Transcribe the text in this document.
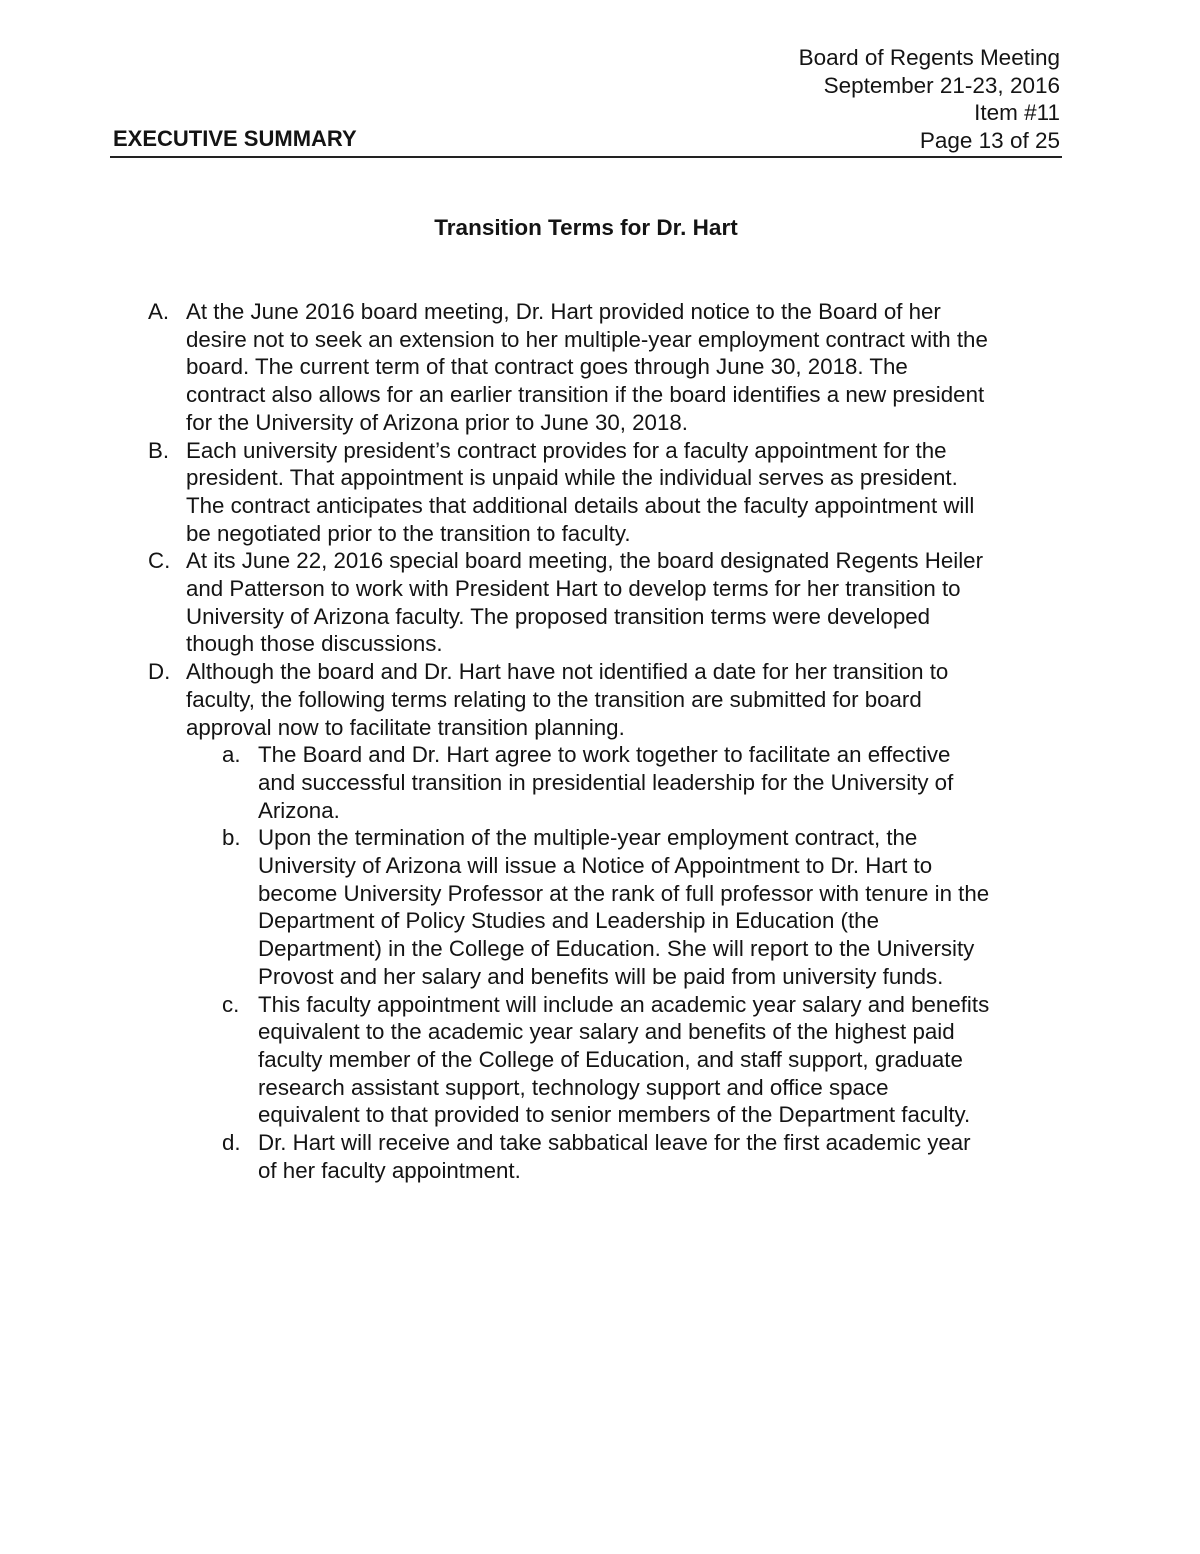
Board of Regents Meeting
September 21-23, 2016
Item #11
Page 13 of 25
EXECUTIVE SUMMARY
Transition Terms for Dr. Hart
A. At the June 2016 board meeting, Dr. Hart provided notice to the Board of her
desire not to seek an extension to her multiple-year employment contract with the
board. The current term of that contract goes through June 30, 2018. The
contract also allows for an earlier transition if the board identifies a new president
for the University of Arizona prior to June 30, 2018.
B. Each university president’s contract provides for a faculty appointment for the
president. That appointment is unpaid while the individual serves as president.
The contract anticipates that additional details about the faculty appointment will
be negotiated prior to the transition to faculty.
C. At its June 22, 2016 special board meeting, the board designated Regents Heiler
and Patterson to work with President Hart to develop terms for her transition to
University of Arizona faculty. The proposed transition terms were developed
though those discussions.
D. Although the board and Dr. Hart have not identified a date for her transition to
faculty, the following terms relating to the transition are submitted for board
approval now to facilitate transition planning.
a. The Board and Dr. Hart agree to work together to facilitate an effective
and successful transition in presidential leadership for the University of
Arizona.
b. Upon the termination of the multiple-year employment contract, the
University of Arizona will issue a Notice of Appointment to Dr. Hart to
become University Professor at the rank of full professor with tenure in the
Department of Policy Studies and Leadership in Education (the
Department) in the College of Education. She will report to the University
Provost and her salary and benefits will be paid from university funds.
c. This faculty appointment will include an academic year salary and benefits
equivalent to the academic year salary and benefits of the highest paid
faculty member of the College of Education, and staff support, graduate
research assistant support, technology support and office space
equivalent to that provided to senior members of the Department faculty.
d. Dr. Hart will receive and take sabbatical leave for the first academic year
of her faculty appointment.
